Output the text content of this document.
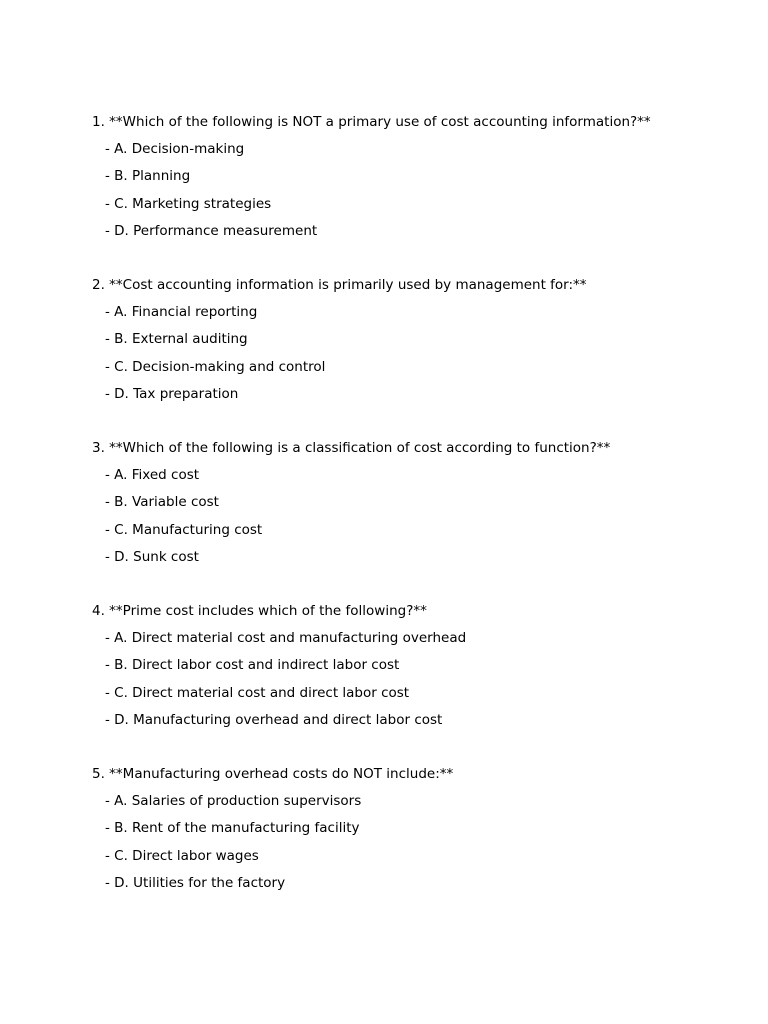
1. **Which of the following is NOT a primary use of cost accounting information?**
- A. Decision-making
- B. Planning
- C. Marketing strategies
- D. Performance measurement
2. **Cost accounting information is primarily used by management for:**
- A. Financial reporting
- B. External auditing
- C. Decision-making and control
- D. Tax preparation
3. **Which of the following is a classification of cost according to function?**
- A. Fixed cost
- B. Variable cost
- C. Manufacturing cost
- D. Sunk cost
4. **Prime cost includes which of the following?**
- A. Direct material cost and manufacturing overhead
- B. Direct labor cost and indirect labor cost
- C. Direct material cost and direct labor cost
- D. Manufacturing overhead and direct labor cost
5. **Manufacturing overhead costs do NOT include:**
- A. Salaries of production supervisors
- B. Rent of the manufacturing facility
- C. Direct labor wages
- D. Utilities for the factory
